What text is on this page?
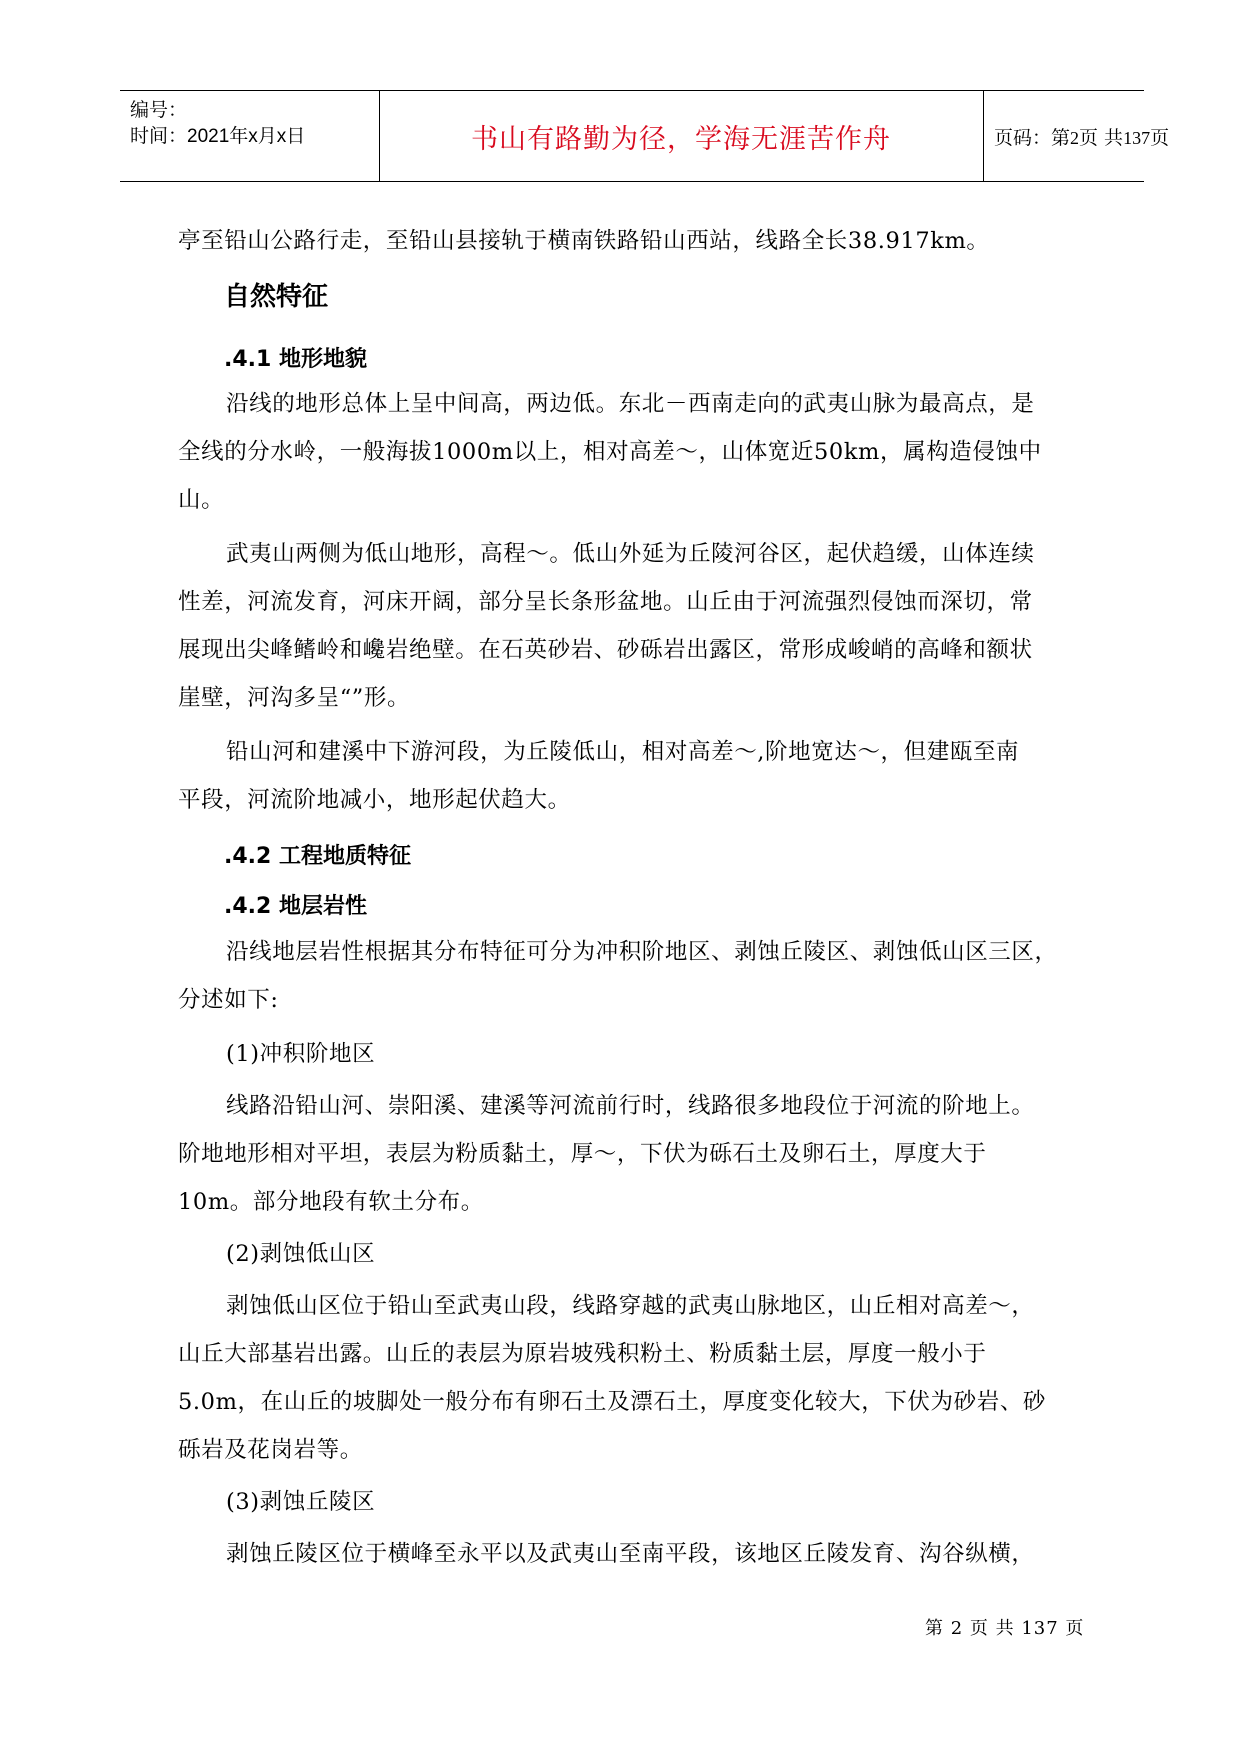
编号：
时间：2021年x月x日	书山有路勤为径，学海无涯苦作舟	页码：第2页 共137页
亭至铅山公路行走，至铅山县接轨于横南铁路铅山西站，线路全长38.917km。
自然特征
.4.1 地形地貌
沿线的地形总体上呈中间高，两边低。东北－西南走向的武夷山脉为最高点，是
全线的分水岭，一般海拔1000m以上，相对高差～，山体宽近50km，属构造侵蚀中
山。
武夷山两侧为低山地形，高程～。低山外延为丘陵河谷区，起伏趋缓，山体连续
性差，河流发育，河床开阔，部分呈长条形盆地。山丘由于河流强烈侵蚀而深切，常
展现出尖峰鳍岭和巉岩绝壁。在石英砂岩、砂砾岩出露区，常形成峻峭的高峰和额状
崖壁，河沟多呈“”形。
铅山河和建溪中下游河段，为丘陵低山，相对高差～,阶地宽达～，但建瓯至南
平段，河流阶地减小，地形起伏趋大。
.4.2 工程地质特征
.4.2 地层岩性
沿线地层岩性根据其分布特征可分为冲积阶地区、剥蚀丘陵区、剥蚀低山区三区，
分述如下:
(1)冲积阶地区
线路沿铅山河、崇阳溪、建溪等河流前行时，线路很多地段位于河流的阶地上。
阶地地形相对平坦，表层为粉质黏土，厚～，下伏为砾石土及卵石土，厚度大于
10m。部分地段有软土分布。
(2)剥蚀低山区
剥蚀低山区位于铅山至武夷山段，线路穿越的武夷山脉地区，山丘相对高差～，
山丘大部基岩出露。山丘的表层为原岩坡残积粉土、粉质黏土层，厚度一般小于
5.0m，在山丘的坡脚处一般分布有卵石土及漂石土，厚度变化较大，下伏为砂岩、砂
砾岩及花岗岩等。
(3)剥蚀丘陵区
剥蚀丘陵区位于横峰至永平以及武夷山至南平段，该地区丘陵发育、沟谷纵横，
第 2 页 共 137 页
